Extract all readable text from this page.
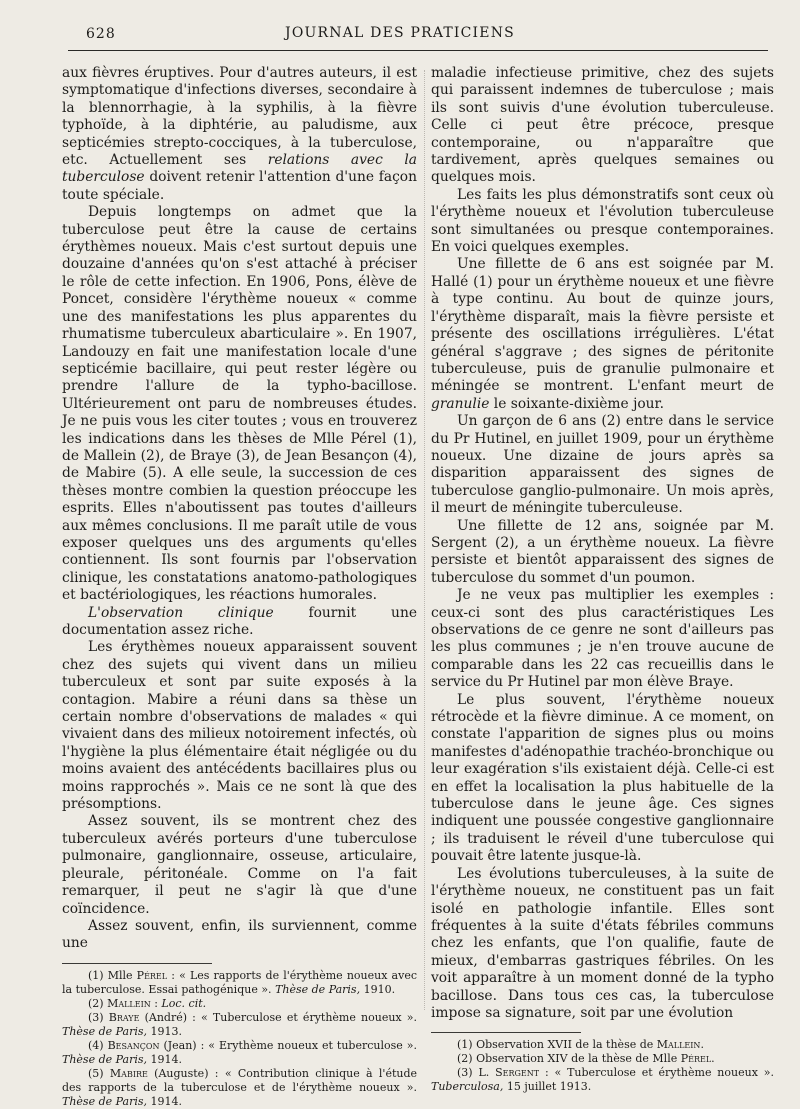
628	JOURNAL DES PRATICIENS

aux fièvres éruptives. Pour d'autres auteurs, il est symptomatique d'infections diverses, secondaire à la blennorrhagie, à la syphilis, à la fièvre typhoïde, à la diphtérie, au paludisme, aux septicémies strepto-cocciques, à la tuberculose, etc. Actuellement ses relations avec la tuberculose doivent retenir l'attention d'une façon toute spéciale.

Depuis longtemps on admet que la tuberculose peut être la cause de certains érythèmes noueux. Mais c'est surtout depuis une douzaine d'années qu'on s'est attaché à préciser le rôle de cette infection. En 1906, Pons, élève de Poncet, considère l'érythème noueux « comme une des manifestations les plus apparentes du rhumatisme tuberculeux abarticulaire ». En 1907, Landouzy en fait une manifestation locale d'une septicémie bacillaire, qui peut rester légère ou prendre l'allure de la typho-bacillose. Ultérieurement ont paru de nombreuses études. Je ne puis vous les citer toutes ; vous en trouverez les indications dans les thèses de Mlle Pérel (1), de Mallein (2), de Braye (3), de Jean Besançon (4), de Mabire (5). A elle seule, la succession de ces thèses montre combien la question préoccupe les esprits. Elles n'aboutissent pas toutes d'ailleurs aux mêmes conclusions. Il me paraît utile de vous exposer quelques uns des arguments qu'elles contiennent. Ils sont fournis par l'observation clinique, les constatations anatomo-pathologiques et bactériologiques, les réactions humorales.

L'observation clinique fournit une documentation assez riche.

Les érythèmes noueux apparaissent souvent chez des sujets qui vivent dans un milieu tuberculeux et sont par suite exposés à la contagion. Mabire a réuni dans sa thèse un certain nombre d'observations de malades « qui vivaient dans des milieux notoirement infectés, où l'hygiène la plus élémentaire était négligée ou du moins avaient des antécédents bacillaires plus ou moins rapprochés ». Mais ce ne sont là que des présomptions.

Assez souvent, ils se montrent chez des tuberculeux avérés porteurs d'une tuberculose pulmonaire, ganglionnaire, osseuse, articulaire, pleurale, péritonéale. Comme on l'a fait remarquer, il peut ne s'agir là que d'une coïncidence.

Assez souvent, enfin, ils surviennent, comme une

(1) Mlle Pérel : « Les rapports de l'érythème noueux avec la tuberculose. Essai pathogénique ». Thèse de Paris, 1910.

(2) Mallein : Loc. cit.

(3) Braye (André) : « Tuberculose et érythème noueux ». Thèse de Paris, 1913.

(4) Besançon (Jean) : « Erythème noueux et tuberculose ». Thèse de Paris, 1914.

(5) Mabire (Auguste) : « Contribution clinique à l'étude des rapports de la tuberculose et de l'érythème noueux ». Thèse de Paris, 1914.

maladie infectieuse primitive, chez des sujets qui paraissent indemnes de tuberculose ; mais ils sont suivis d'une évolution tuberculeuse. Celle ci peut être précoce, presque contemporaine, ou n'apparaître que tardivement, après quelques semaines ou quelques mois.

Les faits les plus démonstratifs sont ceux où l'érythème noueux et l'évolution tuberculeuse sont simultanées ou presque contemporaines. En voici quelques exemples.

Une fillette de 6 ans est soignée par M. Hallé (1) pour un érythème noueux et une fièvre à type continu. Au bout de quinze jours, l'érythème disparaît, mais la fièvre persiste et présente des oscillations irrégulières. L'état général s'aggrave ; des signes de péritonite tuberculeuse, puis de granulie pulmonaire et méningée se montrent. L'enfant meurt de granulie le soixante-dixième jour.

Un garçon de 6 ans (2) entre dans le service du Pr Hutinel, en juillet 1909, pour un érythème noueux. Une dizaine de jours après sa disparition apparaissent des signes de tuberculose ganglio-pulmonaire. Un mois après, il meurt de méningite tuberculeuse.

Une fillette de 12 ans, soignée par M. Sergent (2), a un érythème noueux. La fièvre persiste et bientôt apparaissent des signes de tuberculose du sommet d'un poumon.

Je ne veux pas multiplier les exemples : ceux-ci sont des plus caractéristiques Les observations de ce genre ne sont d'ailleurs pas les plus communes ; je n'en trouve aucune de comparable dans les 22 cas recueillis dans le service du Pr Hutinel par mon élève Braye.

Le plus souvent, l'érythème noueux rétrocède et la fièvre diminue. A ce moment, on constate l'apparition de signes plus ou moins manifestes d'adénopathie trachéo-bronchique ou leur exagération s'ils existaient déjà. Celle-ci est en effet la localisation la plus habituelle de la tuberculose dans le jeune âge. Ces signes indiquent une poussée congestive ganglionnaire ; ils traduisent le réveil d'une tuberculose qui pouvait être latente jusque-là.

Les évolutions tuberculeuses, à la suite de l'érythème noueux, ne constituent pas un fait isolé en pathologie infantile. Elles sont fréquentes à la suite d'états fébriles communs chez les enfants, que l'on qualifie, faute de mieux, d'embarras gastriques fébriles. On les voit apparaître à un moment donné de la typho bacillose. Dans tous ces cas, la tuberculose impose sa signature, soit par une évolution

(1) Observation XVII de la thèse de Mallein.

(2) Observation XIV de la thèse de Mlle Pérel.

(3) L. Sergent : « Tuberculose et érythème noueux ». Tuberculosa, 15 juillet 1913.
